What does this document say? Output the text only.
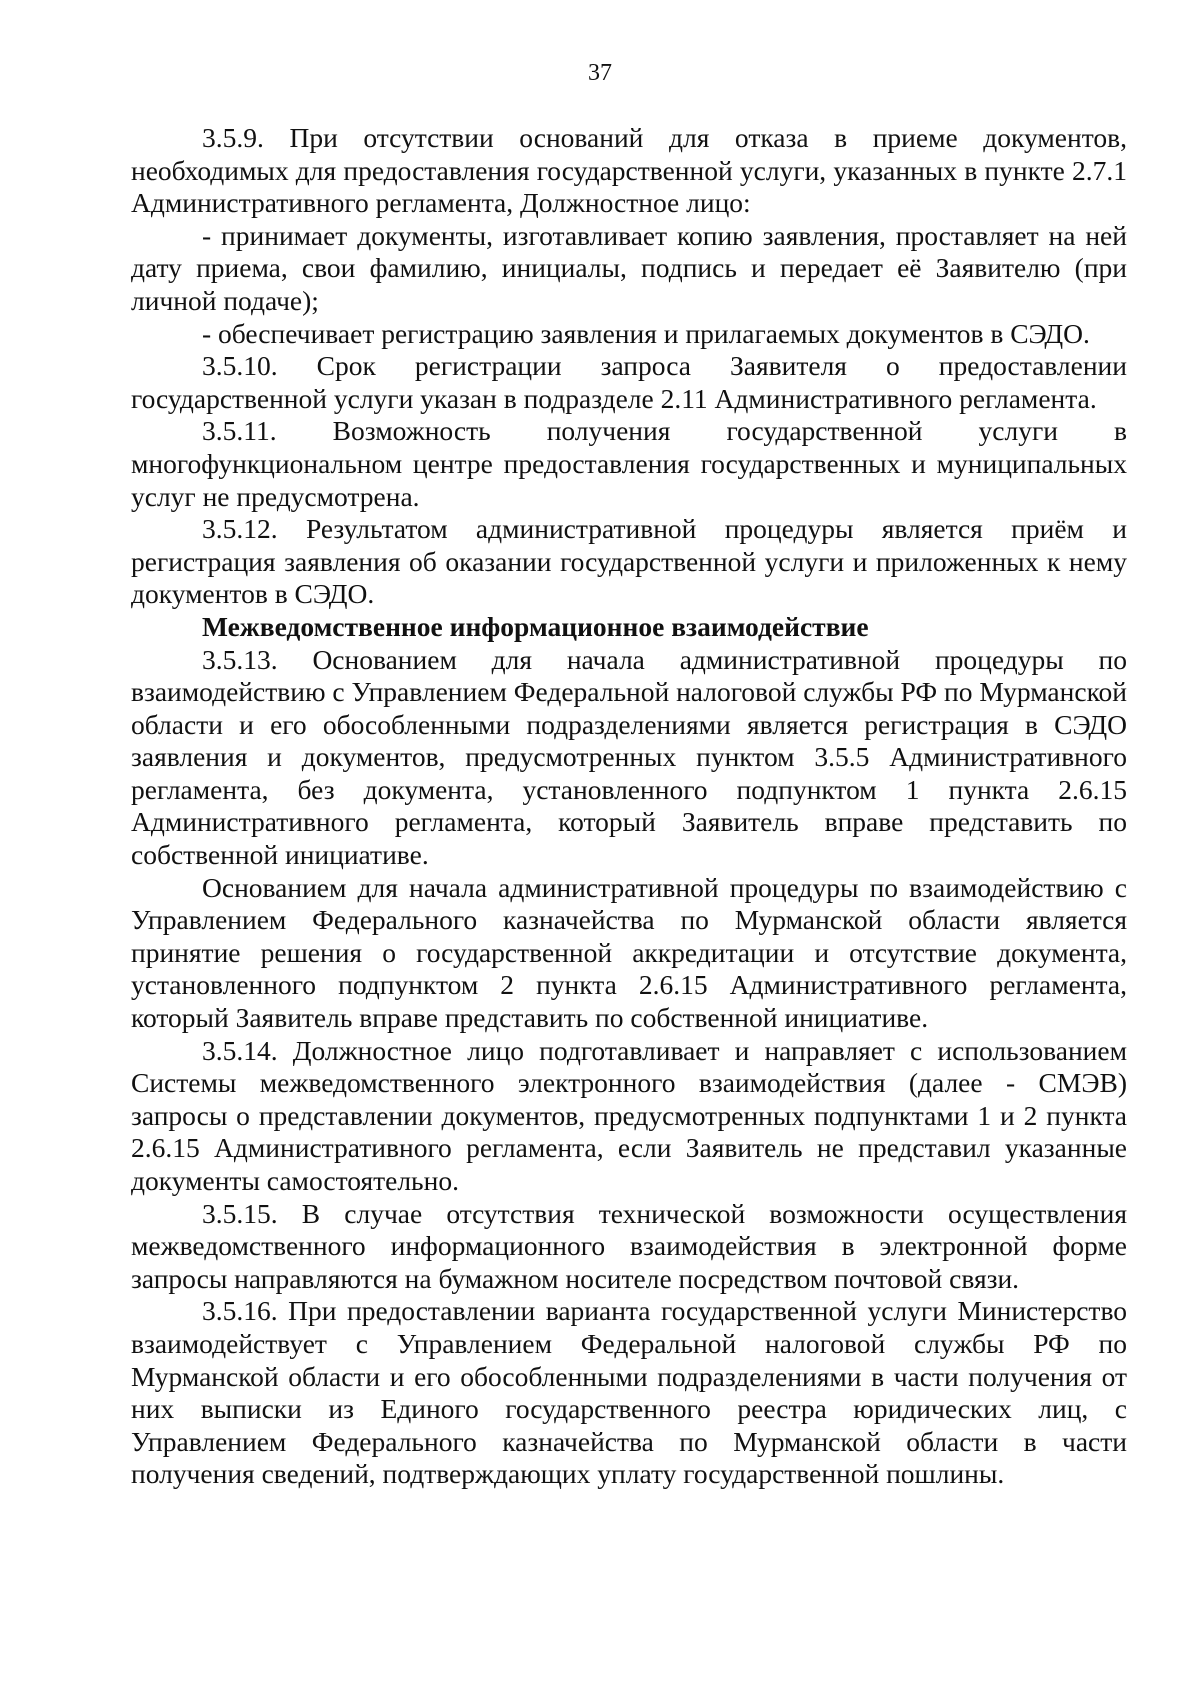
37

3.5.9. При отсутствии оснований для отказа в приеме документов, необходимых для предоставления государственной услуги, указанных в пункте 2.7.1 Административного регламента, Должностное лицо:

- принимает документы, изготавливает копию заявления, проставляет на ней дату приема, свои фамилию, инициалы, подпись и передает её Заявителю (при личной подаче);

- обеспечивает регистрацию заявления и прилагаемых документов в СЭДО.

3.5.10. Срок регистрации запроса Заявителя о предоставлении государственной услуги указан в подразделе 2.11 Административного регламента.

3.5.11. Возможность получения государственной услуги в многофункциональном центре предоставления государственных и муниципальных услуг не предусмотрена.

3.5.12. Результатом административной процедуры является приём и регистрация заявления об оказании государственной услуги и приложенных к нему документов в СЭДО.

Межведомственное информационное взаимодействие

3.5.13. Основанием для начала административной процедуры по взаимодействию с Управлением Федеральной налоговой службы РФ по Мурманской области и его обособленными подразделениями является регистрация в СЭДО заявления и документов, предусмотренных пунктом 3.5.5 Административного регламента, без документа, установленного подпунктом 1 пункта 2.6.15 Административного регламента, который Заявитель вправе представить по собственной инициативе.

Основанием для начала административной процедуры по взаимодействию с Управлением Федерального казначейства по Мурманской области является принятие решения о государственной аккредитации и отсутствие документа, установленного подпунктом 2 пункта 2.6.15 Административного регламента, который Заявитель вправе представить по собственной инициативе.

3.5.14. Должностное лицо подготавливает и направляет с использованием Системы межведомственного электронного взаимодействия (далее - СМЭВ) запросы о представлении документов, предусмотренных подпунктами 1 и 2 пункта 2.6.15 Административного регламента, если Заявитель не представил указанные документы самостоятельно.

3.5.15. В случае отсутствия технической возможности осуществления межведомственного информационного взаимодействия в электронной форме запросы направляются на бумажном носителе посредством почтовой связи.

3.5.16. При предоставлении варианта государственной услуги Министерство взаимодействует с Управлением Федеральной налоговой службы РФ по Мурманской области и его обособленными подразделениями в части получения от них выписки из Единого государственного реестра юридических лиц, с Управлением Федерального казначейства по Мурманской области в части получения сведений, подтверждающих уплату государственной пошлины.
